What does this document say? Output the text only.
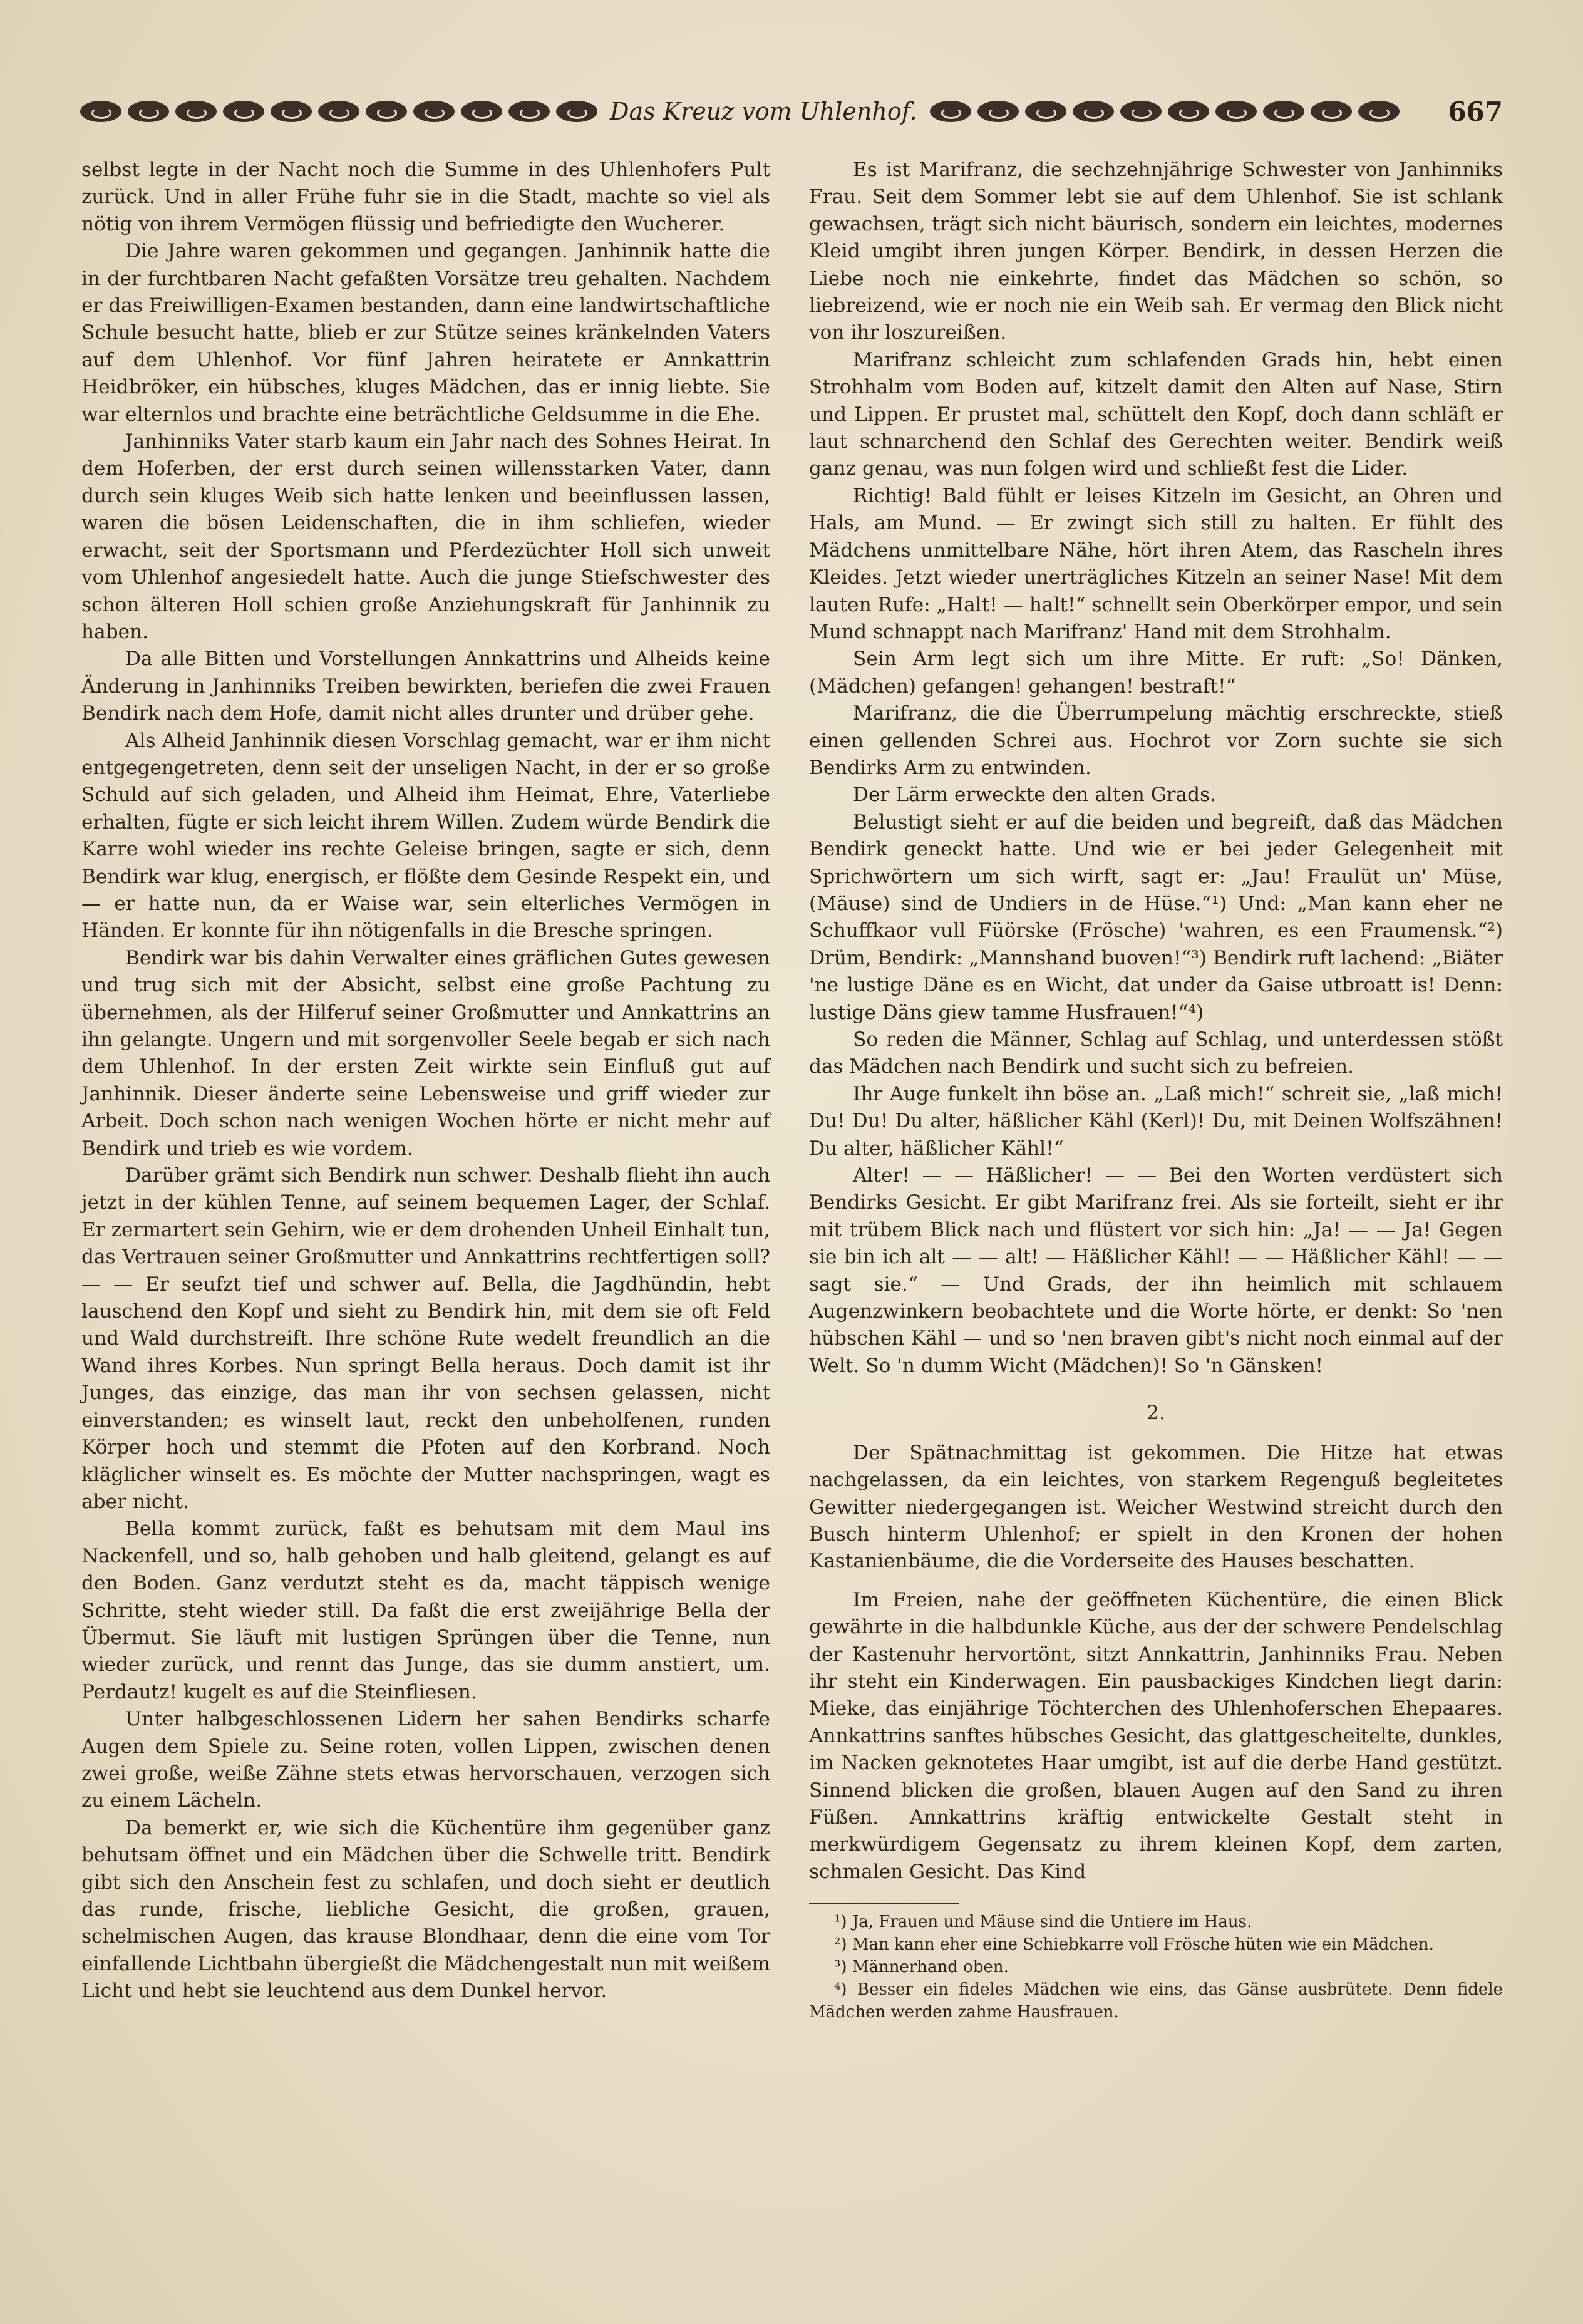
Das Kreuz vom Uhlenhof.	667

selbst legte in der Nacht noch die Summe in des Uhlenhofers Pult zurück. Und in aller Frühe fuhr sie in die Stadt, machte so viel als nötig von ihrem Vermögen flüssig und befriedigte den Wucherer.

Die Jahre waren gekommen und gegangen. Janhinnik hatte die in der furchtbaren Nacht gefaßten Vorsätze treu gehalten. Nachdem er das Freiwilligen-Examen bestanden, dann eine landwirtschaftliche Schule besucht hatte, blieb er zur Stütze seines kränkelnden Vaters auf dem Uhlenhof. Vor fünf Jahren heiratete er Annkattrin Heidbröker, ein hübsches, kluges Mädchen, das er innig liebte. Sie war elternlos und brachte eine beträchtliche Geldsumme in die Ehe.

Janhinniks Vater starb kaum ein Jahr nach des Sohnes Heirat. In dem Hoferben, der erst durch seinen willensstarken Vater, dann durch sein kluges Weib sich hatte lenken und beeinflussen lassen, waren die bösen Leidenschaften, die in ihm schliefen, wieder erwacht, seit der Sportsmann und Pferdezüchter Holl sich unweit vom Uhlenhof angesiedelt hatte. Auch die junge Stiefschwester des schon älteren Holl schien große Anziehungskraft für Janhinnik zu haben.

Da alle Bitten und Vorstellungen Annkattrins und Alheids keine Änderung in Janhinniks Treiben bewirkten, beriefen die zwei Frauen Bendirk nach dem Hofe, damit nicht alles drunter und drüber gehe.

Als Alheid Janhinnik diesen Vorschlag gemacht, war er ihm nicht entgegengetreten, denn seit der unseligen Nacht, in der er so große Schuld auf sich geladen, und Alheid ihm Heimat, Ehre, Vaterliebe erhalten, fügte er sich leicht ihrem Willen. Zudem würde Bendirk die Karre wohl wieder ins rechte Geleise bringen, sagte er sich, denn Bendirk war klug, energisch, er flößte dem Gesinde Respekt ein, und — er hatte nun, da er Waise war, sein elterliches Vermögen in Händen. Er konnte für ihn nötigenfalls in die Bresche springen.

Bendirk war bis dahin Verwalter eines gräflichen Gutes gewesen und trug sich mit der Absicht, selbst eine große Pachtung zu übernehmen, als der Hilferuf seiner Großmutter und Annkattrins an ihn gelangte. Ungern und mit sorgenvoller Seele begab er sich nach dem Uhlenhof. In der ersten Zeit wirkte sein Einfluß gut auf Janhinnik. Dieser änderte seine Lebensweise und griff wieder zur Arbeit. Doch schon nach wenigen Wochen hörte er nicht mehr auf Bendirk und trieb es wie vordem.

Darüber grämt sich Bendirk nun schwer. Deshalb flieht ihn auch jetzt in der kühlen Tenne, auf seinem bequemen Lager, der Schlaf. Er zermartert sein Gehirn, wie er dem drohenden Unheil Einhalt tun, das Vertrauen seiner Großmutter und Annkattrins rechtfertigen soll? — — Er seufzt tief und schwer auf. Bella, die Jagdhündin, hebt lauschend den Kopf und sieht zu Bendirk hin, mit dem sie oft Feld und Wald durchstreift. Ihre schöne Rute wedelt freundlich an die Wand ihres Korbes. Nun springt Bella heraus. Doch damit ist ihr Junges, das einzige, das man ihr von sechsen gelassen, nicht einverstanden; es winselt laut, reckt den unbeholfenen, runden Körper hoch und stemmt die Pfoten auf den Korbrand. Noch kläglicher winselt es. Es möchte der Mutter nachspringen, wagt es aber nicht.

Bella kommt zurück, faßt es behutsam mit dem Maul ins Nackenfell, und so, halb gehoben und halb gleitend, gelangt es auf den Boden. Ganz verdutzt steht es da, macht täppisch wenige Schritte, steht wieder still. Da faßt die erst zweijährige Bella der Übermut. Sie läuft mit lustigen Sprüngen über die Tenne, nun wieder zurück, und rennt das Junge, das sie dumm anstiert, um. Perdautz! kugelt es auf die Steinfliesen.

Unter halbgeschlossenen Lidern her sahen Bendirks scharfe Augen dem Spiele zu. Seine roten, vollen Lippen, zwischen denen zwei große, weiße Zähne stets etwas hervorschauen, verzogen sich zu einem Lächeln.

Da bemerkt er, wie sich die Küchentüre ihm gegenüber ganz behutsam öffnet und ein Mädchen über die Schwelle tritt. Bendirk gibt sich den Anschein fest zu schlafen, und doch sieht er deutlich das runde, frische, liebliche Gesicht, die großen, grauen, schelmischen Augen, das krause Blondhaar, denn die eine vom Tor einfallende Lichtbahn übergießt die Mädchengestalt nun mit weißem Licht und hebt sie leuchtend aus dem Dunkel hervor.

Es ist Marifranz, die sechzehnjährige Schwester von Janhinniks Frau. Seit dem Sommer lebt sie auf dem Uhlenhof. Sie ist schlank gewachsen, trägt sich nicht bäurisch, sondern ein leichtes, modernes Kleid umgibt ihren jungen Körper. Bendirk, in dessen Herzen die Liebe noch nie einkehrte, findet das Mädchen so schön, so liebreizend, wie er noch nie ein Weib sah. Er vermag den Blick nicht von ihr loszureißen.

Marifranz schleicht zum schlafenden Grads hin, hebt einen Strohhalm vom Boden auf, kitzelt damit den Alten auf Nase, Stirn und Lippen. Er prustet mal, schüttelt den Kopf, doch dann schläft er laut schnarchend den Schlaf des Gerechten weiter. Bendirk weiß ganz genau, was nun folgen wird und schließt fest die Lider.

Richtig! Bald fühlt er leises Kitzeln im Gesicht, an Ohren und Hals, am Mund. — Er zwingt sich still zu halten. Er fühlt des Mädchens unmittelbare Nähe, hört ihren Atem, das Rascheln ihres Kleides. Jetzt wieder unerträgliches Kitzeln an seiner Nase! Mit dem lauten Rufe: „Halt! — halt!“ schnellt sein Oberkörper empor, und sein Mund schnappt nach Marifranz' Hand mit dem Strohhalm.

Sein Arm legt sich um ihre Mitte. Er ruft: „So! Dänken, (Mädchen) gefangen! gehangen! bestraft!“

Marifranz, die die Überrumpelung mächtig erschreckte, stieß einen gellenden Schrei aus. Hochrot vor Zorn suchte sie sich Bendirks Arm zu entwinden.

Der Lärm erweckte den alten Grads.

Belustigt sieht er auf die beiden und begreift, daß das Mädchen Bendirk geneckt hatte. Und wie er bei jeder Gelegenheit mit Sprichwörtern um sich wirft, sagt er: „Jau! Fraulüt un' Müse, (Mäuse) sind de Undiers in de Hüse.“¹) Und: „Man kann eher ne Schuffkaor vull Füörske (Frösche) 'wahren, es een Fraumensk.“²) Drüm, Bendirk: „Mannshand buoven!“³) Bendirk ruft lachend: „Biäter 'ne lustige Däne es en Wicht, dat under da Gaise utbroatt is! Denn: lustige Däns giew tamme Husfrauen!“⁴)

So reden die Männer, Schlag auf Schlag, und unterdessen stößt das Mädchen nach Bendirk und sucht sich zu befreien.

Ihr Auge funkelt ihn böse an. „Laß mich!“ schreit sie, „laß mich! Du! Du! Du alter, häßlicher Kähl (Kerl)! Du, mit Deinen Wolfszähnen! Du alter, häßlicher Kähl!“

Alter! — — Häßlicher! — — Bei den Worten verdüstert sich Bendirks Gesicht. Er gibt Marifranz frei. Als sie forteilt, sieht er ihr mit trübem Blick nach und flüstert vor sich hin: „Ja! — — Ja! Gegen sie bin ich alt — — alt! — Häßlicher Kähl! — — Häßlicher Kähl! — — sagt sie.“ — Und Grads, der ihn heimlich mit schlauem Augenzwinkern beobachtete und die Worte hörte, er denkt: So 'nen hübschen Kähl — und so 'nen braven gibt's nicht noch einmal auf der Welt. So 'n dumm Wicht (Mädchen)! So 'n Gänsken!

2.

Der Spätnachmittag ist gekommen. Die Hitze hat etwas nachgelassen, da ein leichtes, von starkem Regenguß begleitetes Gewitter niedergegangen ist. Weicher Westwind streicht durch den Busch hinterm Uhlenhof; er spielt in den Kronen der hohen Kastanienbäume, die die Vorderseite des Hauses beschatten.

Im Freien, nahe der geöffneten Küchentüre, die einen Blick gewährte in die halbdunkle Küche, aus der der schwere Pendelschlag der Kastenuhr hervortönt, sitzt Annkattrin, Janhinniks Frau. Neben ihr steht ein Kinderwagen. Ein pausbackiges Kindchen liegt darin: Mieke, das einjährige Töchterchen des Uhlenhoferschen Ehepaares. Annkattrins sanftes hübsches Gesicht, das glattgescheitelte, dunkles, im Nacken geknotetes Haar umgibt, ist auf die derbe Hand gestützt. Sinnend blicken die großen, blauen Augen auf den Sand zu ihren Füßen. Annkattrins kräftig entwickelte Gestalt steht in merkwürdigem Gegensatz zu ihrem kleinen Kopf, dem zarten, schmalen Gesicht. Das Kind

¹) Ja, Frauen und Mäuse sind die Untiere im Haus.
²) Man kann eher eine Schiebkarre voll Frösche hüten wie ein Mädchen.
³) Männerhand oben.
⁴) Besser ein fideles Mädchen wie eins, das Gänse ausbrütete. Denn fidele Mädchen werden zahme Hausfrauen.
